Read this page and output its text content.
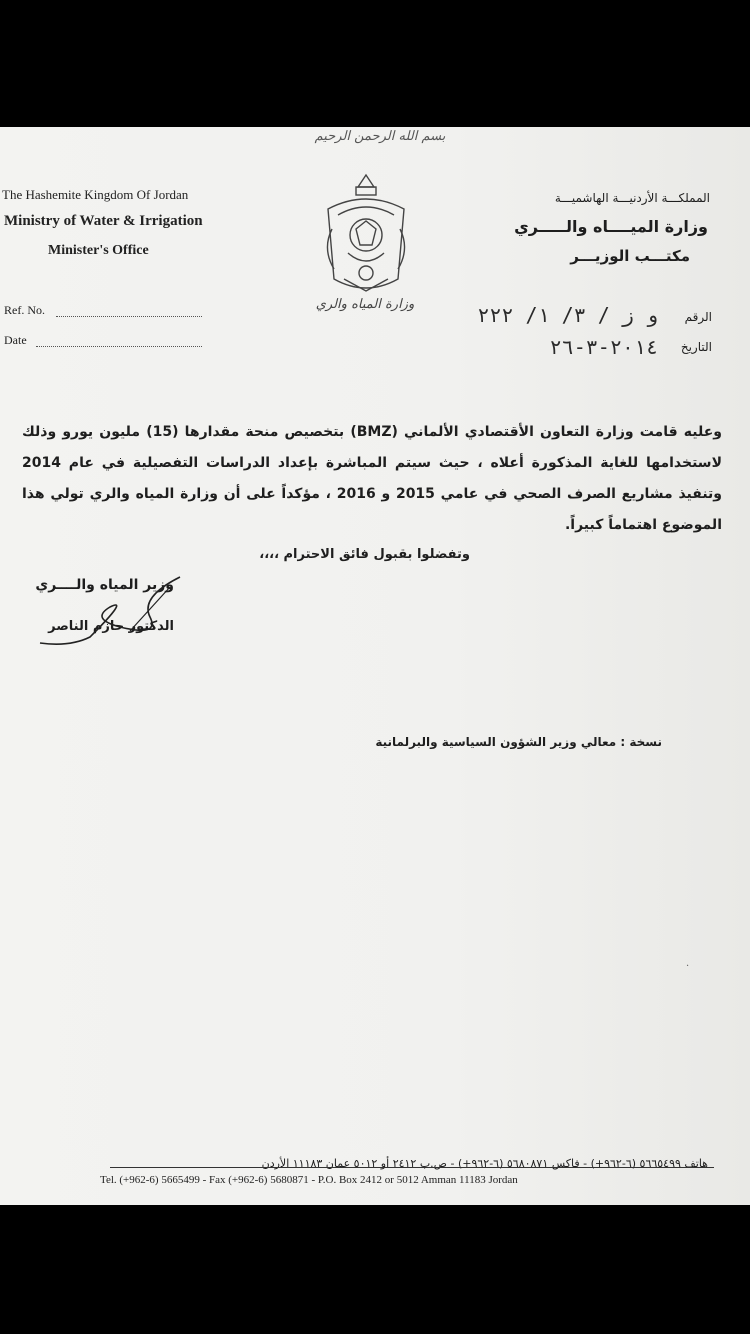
بسم الله الرحمن الرحيم
The Hashemite Kingdom Of Jordan
Ministry of Water & Irrigation
Minister's Office
المملكـــة الأردنيـــة الهاشميـــة
وزارة الميــــاه والـــــري
مكتـــب الوزيـــر
وزارة المياه والري
Ref. No.
Date
الرقم
و ز / ٣/ ١/ ٢٢٢
التاريخ
٢٠١٤-٣-٢٦
وعليه قامت وزارة التعاون الأقتصادي الألماني (BMZ) بتخصيص منحة مقدارها (15) مليون يورو وذلك لاستخدامها للغاية المذكورة أعلاه ، حيث سيتم المباشرة بإعداد الدراسات التفصيلية في عام 2014 وتنفيذ مشاريع الصرف الصحي في عامي 2015 و 2016 ، مؤكداً على أن وزارة المياه والري تولي هذا الموضوع اهتماماً كبيراً.
وتفضلوا بقبول فائق الاحترام ،،،،
وزير المياه والــــري
الدكتور حازم الناصر
نسخة : معالي وزير الشؤون السياسية والبرلمانية
·
هاتف ٥٦٦٥٤٩٩ (٦-٩٦٢+) - فاكس ٥٦٨٠٨٧١ (٦-٩٦٢+) - ص.ب ٢٤١٢ أو ٥٠١٢ عمان ١١١٨٣ الأردن
Tel. (+962-6) 5665499 - Fax (+962-6) 5680871 - P.O. Box 2412 or 5012 Amman 11183 Jordan
